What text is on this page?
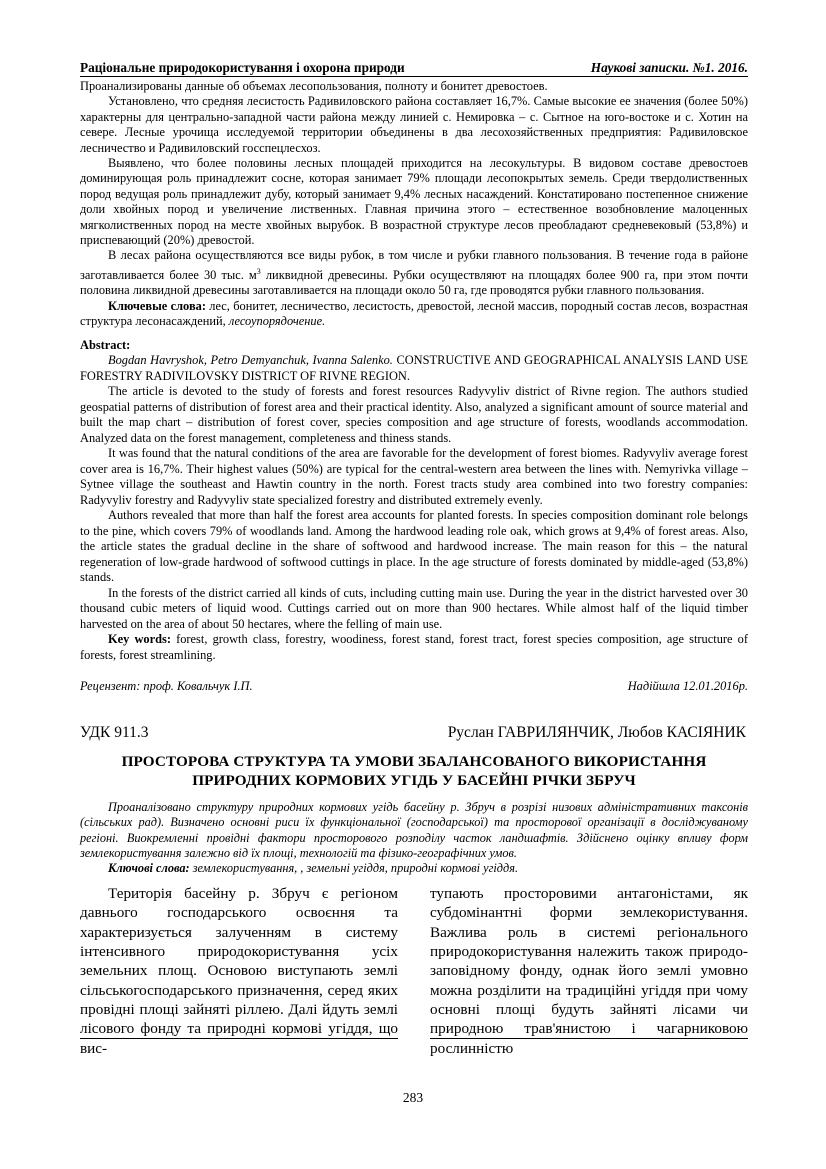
Раціональне природокористування і охорона природи	Наукові записки. №1. 2016.

Проанализированы данные об объемах лесопользования, полноту и бонитет древостоев.

Установлено, что средняя лесистость Радивиловского района составляет 16,7%. Самые высокие ее значения (более 50%) характерны для центрально-западной части района между линией с. Немировка – с. Сытное на юго-востоке и с. Хотин на севере. Лесные урочища исследуемой территории объединены в два лесохозяйственных предприятия: Радивиловское лесничество и Радивиловский госспецлесхоз.

Выявлено, что более половины лесных площадей приходится на лесокультуры. В видовом составе древостоев доминирующая роль принадлежит сосне, которая занимает 79% площади лесопокрытых земель. Среди твердолиственных пород ведущая роль принадлежит дубу, который занимает 9,4% лесных насаждений. Констатировано постепенное снижение доли хвойных пород и увеличение лиственных. Главная причина этого – естественное возобновление малоценных мягколиственных пород на месте хвойных вырубок. В возрастной структуре лесов преобладают средневековый (53,8%) и приспевающий (20%) древостой.

В лесах района осуществляются все виды рубок, в том числе и рубки главного пользования. В течение года в районе заготавливается более 30 тыс. $м^3$ ликвидной древесины. Рубки осуществляют на площадях более 900 га, при этом почти половина ликвидной древесины заготавливается на площади около 50 га, где проводятся рубки главного пользования.

Ключевые слова: лес, бонитет, лесничество, лесистость, древостой, лесной массив, породный состав лесов, возрастная структура лесонасаждений, лесоупорядочение.

Abstract:

Bogdan Havryshok, Petro Demyanchuk, Ivanna Salenko. CONSTRUCTIVE AND GEOGRAPHICAL ANALYSIS LAND USE FORESTRY RADIVILOVSKY DISTRICT OF RIVNE REGION.

The article is devoted to the study of forests and forest resources Radyvyliv district of Rivne region. The authors studied geospatial patterns of distribution of forest area and their practical identity. Also, analyzed a significant amount of source material and built the map chart – distribution of forest cover, species composition and age structure of forests, woodlands accommodation. Analyzed data on the forest management, completeness and thiness stands.

It was found that the natural conditions of the area are favorable for the development of forest biomes. Radyvyliv average forest cover area is 16,7%. Their highest values (50%) are typical for the central-western area between the lines with. Nemyrivka village – Sytnee village the southeast and Hawtin country in the north. Forest tracts study area combined into two forestry companies: Radyvyliv forestry and Radyvyliv state specialized forestry and distributed extremely evenly.

Authors revealed that more than half the forest area accounts for planted forests. In species composition dominant role belongs to the pine, which covers 79% of woodlands land. Among the hardwood leading role oak, which grows at 9,4% of forest areas. Also, the article states the gradual decline in the share of softwood and hardwood increase. The main reason for this – the natural regeneration of low-grade hardwood of softwood cuttings in place. In the age structure of forests dominated by middle-aged (53,8%) stands.

In the forests of the district carried all kinds of cuts, including cutting main use. During the year in the district harvested over 30 thousand cubic meters of liquid wood. Cuttings carried out on more than 900 hectares. While almost half of the liquid timber harvested on the area of about 50 hectares, where the felling of main use.

Key words: forest, growth class, forestry, woodiness, forest stand, forest tract, forest species composition, age structure of forests, forest streamlining.

Рецензент: проф. Ковальчук І.П.	Надійшла 12.01.2016р.
УДК 911.3	Руслан ГАВРИЛЯНЧИК, Любов КАСІЯНИК
ПРОСТОРОВА СТРУКТУРА ТА УМОВИ ЗБАЛАНСОВАНОГО ВИКОРИСТАННЯ
ПРИРОДНИХ КОРМОВИХ УГІДЬ У БАСЕЙНІ РІЧКИ ЗБРУЧ

Проаналізовано структуру природних кормових угідь басейну р. Збруч в розрізі низових адміністративних таксонів (сільських рад). Визначено основні риси їх функціональної (господарської) та просторової організації в досліджуваному регіоні. Виокремленні провідні фактори просторового розподілу часток ландшафтів. Здійснено оцінку впливу форм землекористування залежно від їх площі, технологій та фізико-географічних умов.

Ключові слова: землекористування, , земельні угіддя, природні кормові угіддя.

Територія басейну р. Збруч є регіоном давнього господарського освоєння та характеризується залученням в систему інтенсивного природокористування усіх земельних площ. Основою виступають землі сільськогосподарського призначення, серед яких провідні площі зайняті ріллею. Далі йдуть землі лісового фонду та природні кормові угіддя, що вис-

тупають просторовими антагоністами, як субдомінантні форми землекористування. Важлива роль в системі регіонального природокористування належить також природо-заповідному фонду, однак його землі умовно можна розділити на традиційні угіддя при чому основні площі будуть зайняті лісами чи природною трав'янистою і чагарниковою рослинністю

283
